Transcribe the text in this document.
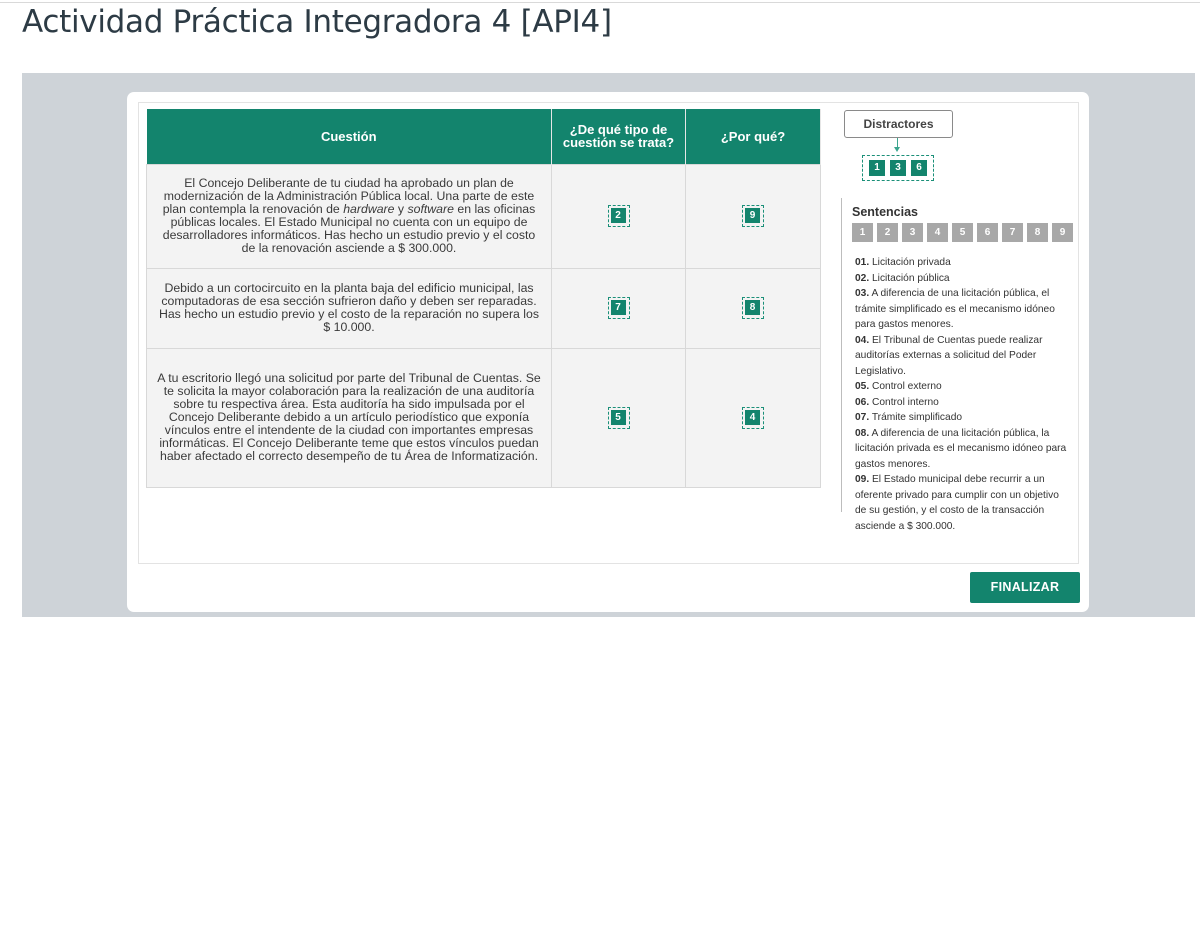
Actividad Práctica Integradora 4 [API4]
Cuestión	¿De qué tipo de cuestión se trata?	¿Por qué?
El Concejo Deliberante de tu ciudad ha aprobado un plan de modernización de la Administración Pública local. Una parte de este plan contempla la renovación de hardware y software en las oficinas públicas locales. El Estado Municipal no cuenta con un equipo de desarrolladores informáticos. Has hecho un estudio previo y el costo de la renovación asciende a $ 300.000.	2	9

Debido a un cortocircuito en la planta baja del edificio municipal, las computadoras de esa sección sufrieron daño y deben ser reparadas. Has hecho un estudio previo y el costo de la reparación no supera los $ 10.000.	7	8

A tu escritorio llegó una solicitud por parte del Tribunal de Cuentas. Se te solicita la mayor colaboración para la realización de una auditoría sobre tu respectiva área. Esta auditoría ha sido impulsada por el Concejo Deliberante debido a un artículo periodístico que exponía vínculos entre el intendente de la ciudad con importantes empresas informáticas. El Concejo Deliberante teme que estos vínculos puedan haber afectado el correcto desempeño de tu Área de Informatización.	5	4
Distractores
1	3	6
Sentencias
1	2	3	4	5	6	7	8	9
01. Licitación privada
02. Licitación pública
03. A diferencia de una licitación pública, el trámite simplificado es el mecanismo idóneo para gastos menores.
04. El Tribunal de Cuentas puede realizar auditorías externas a solicitud del Poder Legislativo.
05. Control externo
06. Control interno
07. Trámite simplificado
08. A diferencia de una licitación pública, la licitación privada es el mecanismo idóneo para gastos menores.
09. El Estado municipal debe recurrir a un oferente privado para cumplir con un objetivo de su gestión, y el costo de la transacción asciende a $ 300.000.
FINALIZAR
